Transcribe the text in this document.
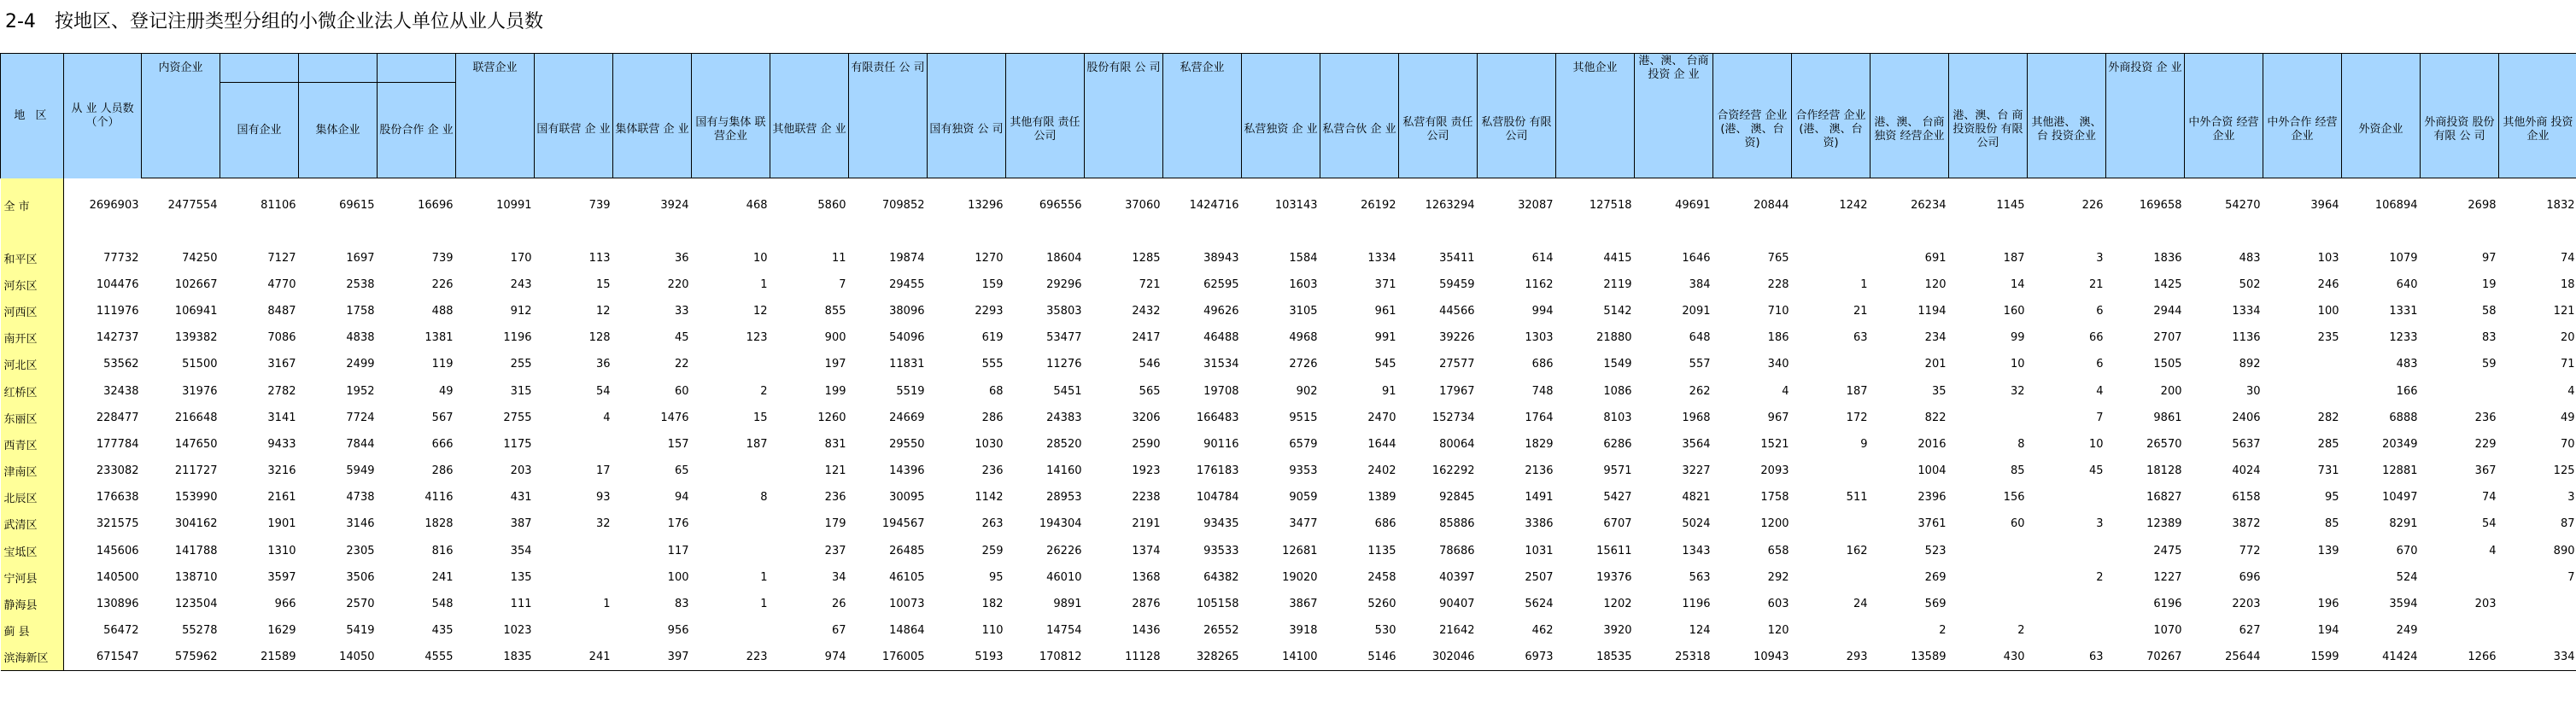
2-4 按地区、登记注册类型分组的小微企业法人单位从业人员数
地 区	从 业 人员数 （个）	内资企业				联营企业					有限责任 公 司			股份有限 公 司	私营企业					其他企业	港、澳、 台商投资 企 业						外商投资 企 业					
			国有企业	集体企业	股份合作 企 业		国有联营 企 业	集体联营 企 业	国有与集体 联营企业	其他联营 企 业		国有独资 公 司	其他有限 责任公司			私营独资 企 业	私营合伙 企 业	私营有限 责任公司	私营股份 有限公司			合资经营 企业(港、 澳、台资)	合作经营 企业(港、 澳、台资)	港、澳、 台商独资 经营企业	港、澳、台 商投资股份 有限公司	其他港、 澳、台 投资企业		中外合资 经营企业	中外合作 经营企业	外资企业	外商投资 股份有限 公 司	其他外商 投资企业
全 市	2696903	2477554	81106	69615	16696	10991	739	3924	468	5860	709852	13296	696556	37060	1424716	103143	26192	1263294	32087	127518	49691	20844	1242	26234	1145	226	169658	54270	3964	106894	2698	1832

和平区	77732	74250	7127	1697	739	170	113	36	10	11	19874	1270	18604	1285	38943	1584	1334	35411	614	4415	1646	765		691	187	3	1836	483	103	1079	97	74
河东区	104476	102667	4770	2538	226	243	15	220	1	7	29455	159	29296	721	62595	1603	371	59459	1162	2119	384	228	1	120	14	21	1425	502	246	640	19	18
河西区	111976	106941	8487	1758	488	912	12	33	12	855	38096	2293	35803	2432	49626	3105	961	44566	994	5142	2091	710	21	1194	160	6	2944	1334	100	1331	58	121
南开区	142737	139382	7086	4838	1381	1196	128	45	123	900	54096	619	53477	2417	46488	4968	991	39226	1303	21880	648	186	63	234	99	66	2707	1136	235	1233	83	20
河北区	53562	51500	3167	2499	119	255	36	22		197	11831	555	11276	546	31534	2726	545	27577	686	1549	557	340		201	10	6	1505	892		483	59	71
红桥区	32438	31976	2782	1952	49	315	54	60	2	199	5519	68	5451	565	19708	902	91	17967	748	1086	262	4	187	35	32	4	200	30		166		4
东丽区	228477	216648	3141	7724	567	2755	4	1476	15	1260	24669	286	24383	3206	166483	9515	2470	152734	1764	8103	1968	967	172	822		7	9861	2406	282	6888	236	49
西青区	177784	147650	9433	7844	666	1175		157	187	831	29550	1030	28520	2590	90116	6579	1644	80064	1829	6286	3564	1521	9	2016	8	10	26570	5637	285	20349	229	70
津南区	233082	211727	3216	5949	286	203	17	65		121	14396	236	14160	1923	176183	9353	2402	162292	2136	9571	3227	2093		1004	85	45	18128	4024	731	12881	367	125
北辰区	176638	153990	2161	4738	4116	431	93	94	8	236	30095	1142	28953	2238	104784	9059	1389	92845	1491	5427	4821	1758	511	2396	156		16827	6158	95	10497	74	3
武清区	321575	304162	1901	3146	1828	387	32	176		179	194567	263	194304	2191	93435	3477	686	85886	3386	6707	5024	1200		3761	60	3	12389	3872	85	8291	54	87
宝坻区	145606	141788	1310	2305	816	354		117		237	26485	259	26226	1374	93533	12681	1135	78686	1031	15611	1343	658	162	523			2475	772	139	670	4	890
宁河县	140500	138710	3597	3506	241	135		100	1	34	46105	95	46010	1368	64382	19020	2458	40397	2507	19376	563	292		269		2	1227	696		524		7
静海县	130896	123504	966	2570	548	111	1	83	1	26	10073	182	9891	2876	105158	3867	5260	90407	5624	1202	1196	603	24	569			6196	2203	196	3594	203	
蓟 县	56472	55278	1629	5419	435	1023		956		67	14864	110	14754	1436	26552	3918	530	21642	462	3920	124	120		2	2		1070	627	194	249		
滨海新区	671547	575962	21589	14050	4555	1835	241	397	223	974	176005	5193	170812	11128	328265	14100	5146	302046	6973	18535	25318	10943	293	13589	430	63	70267	25644	1599	41424	1266	334
